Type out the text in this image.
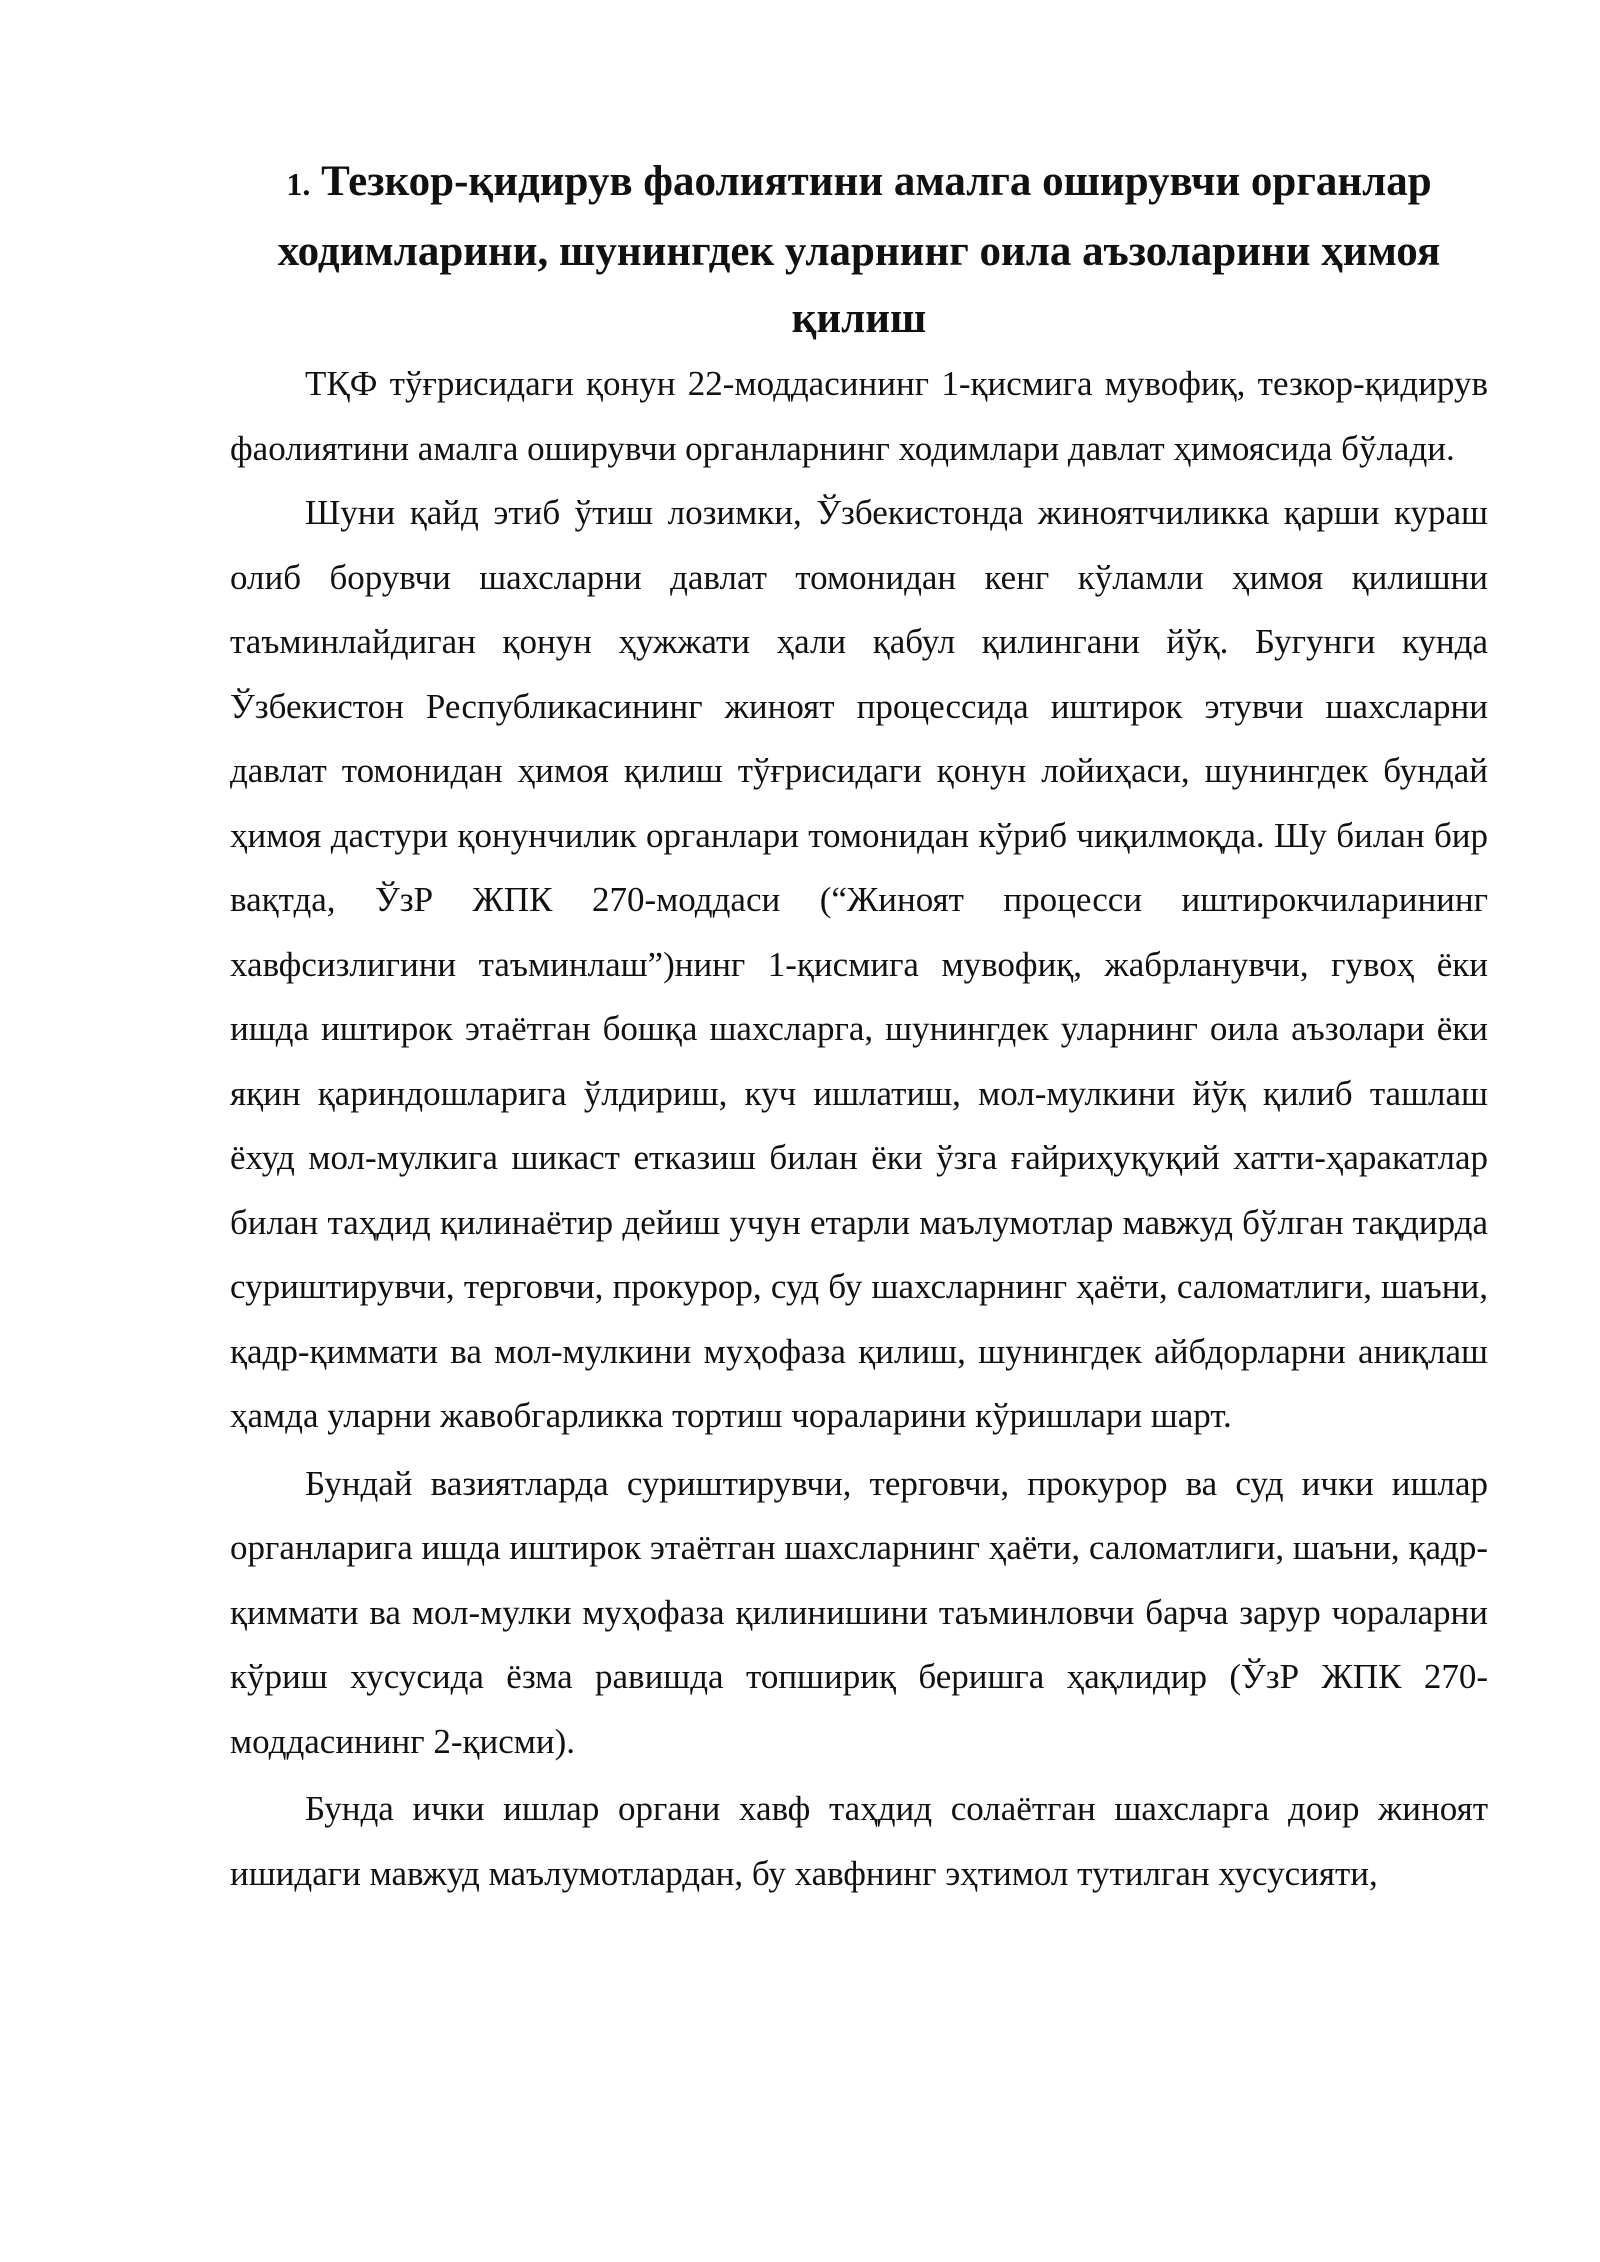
1. Тезкор-қидирув фаолиятини амалга оширувчи органлар ходимларини, шунингдек уларнинг оила аъзоларини ҳимоя қилиш

ТҚФ тўғрисидаги қонун 22-моддасининг 1-қисмига мувофиқ, тезкор-қидирув фаолиятини амалга оширувчи органларнинг ходимлари давлат ҳимоясида бўлади.

Шуни қайд этиб ўтиш лозимки, Ўзбекистонда жиноятчиликка қарши кураш олиб борувчи шахсларни давлат томонидан кенг кўламли ҳимоя қилишни таъминлайдиган қонун ҳужжати ҳали қабул қилингани йўқ. Бугунги кунда Ўзбекистон Республикасининг жиноят процессида иштирок этувчи шахсларни давлат томонидан ҳимоя қилиш тўғрисидаги қонун лойиҳаси, шунингдек бундай ҳимоя дастури қонунчилик органлари томонидан кўриб чиқилмоқда. Шу билан бир вақтда, ЎзР ЖПК 270-моддаси (“Жиноят процесси иштирокчиларининг хавфсизлигини таъминлаш”)нинг 1-қисмига мувофиқ, жабрланувчи, гувоҳ ёки ишда иштирок этаётган бошқа шахсларга, шунингдек уларнинг оила аъзолари ёки яқин қариндошларига ўлдириш, куч ишлатиш, мол-мулкини йўқ қилиб ташлаш ёхуд мол-мулкига шикаст етказиш билан ёки ўзга ғайриҳуқуқий хатти-ҳаракатлар билан таҳдид қилинаётир дейиш учун етарли маълумотлар мавжуд бўлган тақдирда суриштирувчи, терговчи, прокурор, суд бу шахсларнинг ҳаёти, саломатлиги, шаъни, қадр-қиммати ва мол-мулкини муҳофаза қилиш, шунингдек айбдорларни аниқлаш ҳамда уларни жавобгарликка тортиш чораларини кўришлари шарт.

Бундай вазиятларда суриштирувчи, терговчи, прокурор ва суд ички ишлар органларига ишда иштирок этаётган шахсларнинг ҳаёти, саломатлиги, шаъни, қадр-қиммати ва мол-мулки муҳофаза қилинишини таъминловчи барча зарур чораларни кўриш хусусида ёзма равишда топшириқ беришга ҳақлидир (ЎзР ЖПК 270-моддасининг 2-қисми).

Бунда ички ишлар органи хавф таҳдид солаётган шахсларга доир жиноят ишидаги мавжуд маълумотлардан, бу хавфнинг эҳтимол тутилган хусусияти,
